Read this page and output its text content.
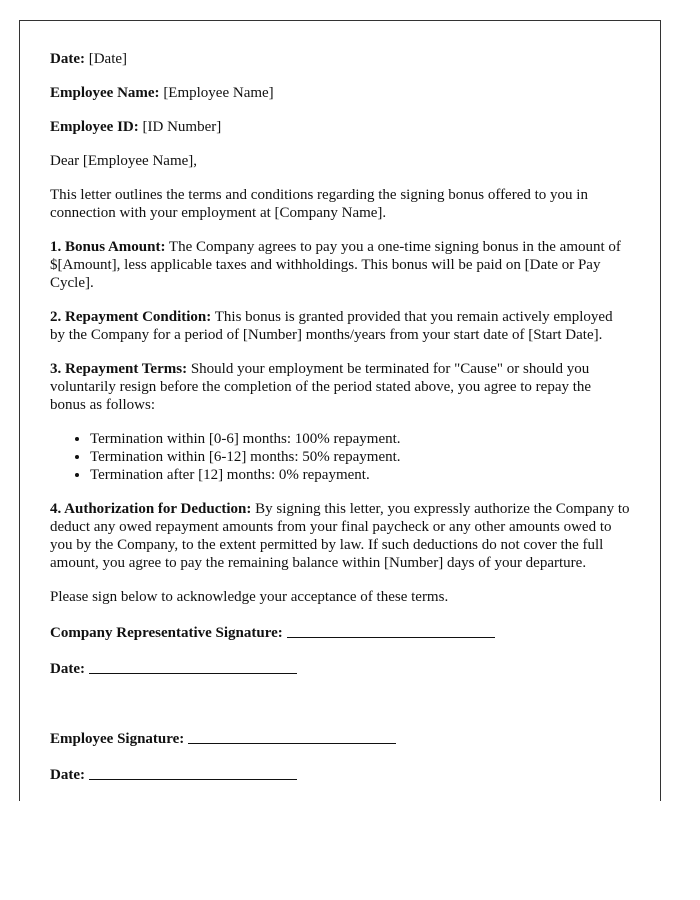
Date: [Date]

Employee Name: [Employee Name]

Employee ID: [ID Number]

Dear [Employee Name],

This letter outlines the terms and conditions regarding the signing bonus offered to you in connection with your employment at [Company Name].

1. Bonus Amount: The Company agrees to pay you a one-time signing bonus in the amount of $[Amount], less applicable taxes and withholdings. This bonus will be paid on [Date or Pay Cycle].

2. Repayment Condition: This bonus is granted provided that you remain actively employed by the Company for a period of [Number] months/years from your start date of [Start Date].

3. Repayment Terms: Should your employment be terminated for "Cause" or should you voluntarily resign before the completion of the period stated above, you agree to repay the bonus as follows:

• Termination within [0-6] months: 100% repayment.
• Termination within [6-12] months: 50% repayment.
• Termination after [12] months: 0% repayment.

4. Authorization for Deduction: By signing this letter, you expressly authorize the Company to deduct any owed repayment amounts from your final paycheck or any other amounts owed to you by the Company, to the extent permitted by law. If such deductions do not cover the full amount, you agree to pay the remaining balance within [Number] days of your departure.

Please sign below to acknowledge your acceptance of these terms.

Company Representative Signature:
Date:
Employee Signature:
Date:
